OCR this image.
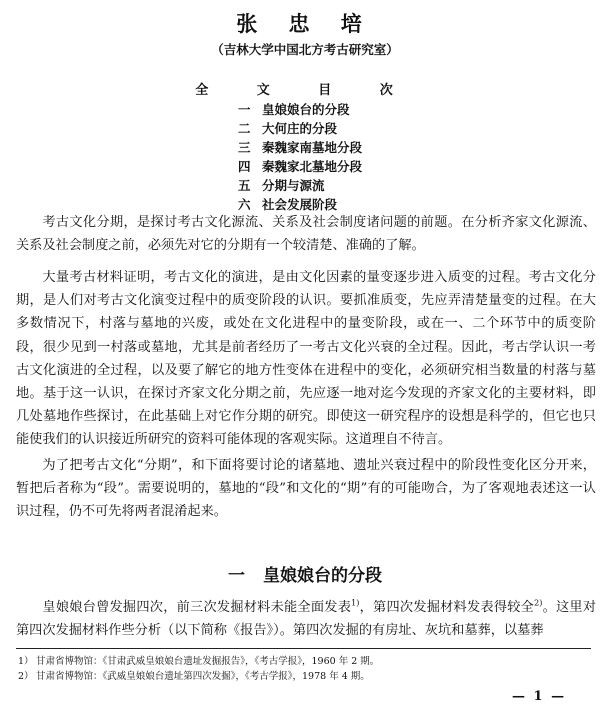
张 忠 培
（吉林大学中国北方考古研究室）
全 文 目 次
一 皇娘娘台的分段
二 大何庄的分段
三 秦魏家南墓地分段
四 秦魏家北墓地分段
五 分期与源流
六 社会发展阶段

考古文化分期，是探讨考古文化源流、关系及社会制度诸问题的前题。在分析齐家文化源流、关系及社会制度之前，必须先对它的分期有一个较清楚、准确的了解。

大量考古材料证明，考古文化的演进，是由文化因素的量变逐步进入质变的过程。考古文化分期，是人们对考古文化演变过程中的质变阶段的认识。要抓准质变，先应弄清楚量变的过程。在大多数情况下，村落与墓地的兴废，或处在文化进程中的量变阶段，或在一、二个环节中的质变阶段，很少见到一村落或墓地，尤其是前者经历了一考古文化兴衰的全过程。因此，考古学认识一考古文化演进的全过程，以及要了解它的地方性变体在进程中的变化，必须研究相当数量的村落与墓地。基于这一认识，在探讨齐家文化分期之前，先应逐一地对迄今发现的齐家文化的主要材料，即几处墓地作些探讨，在此基础上对它作分期的研究。即使这一研究程序的设想是科学的，但它也只能使我们的认识接近所研究的资料可能体现的客观实际。这道理自不待言。

为了把考古文化“分期”，和下面将要讨论的诸墓地、遗址兴衰过程中的阶段性变化区分开来，暂把后者称为“段”。需要说明的，墓地的“段”和文化的“期”有的可能吻合，为了客观地表述这一认识过程，仍不可先将两者混淆起来。

一 皇娘娘台的分段

皇娘娘台曾发掘四次，前三次发掘材料未能全面发表$^{1)}$，第四次发掘材料发表得较全$^{2)}$。这里对第四次发掘材料作些分析（以下简称《报告》）。第四次发掘的有房址、灰坑和墓葬，以墓葬

1） 甘肃省博物馆：《甘肃武威皇娘娘台遗址发掘报告》，《考古学报》，1960 年 2 期。
2） 甘肃省博物馆：《武威皇娘娘台遗址第四次发掘》，《考古学报》，1978 年 4 期。
— 1 —
